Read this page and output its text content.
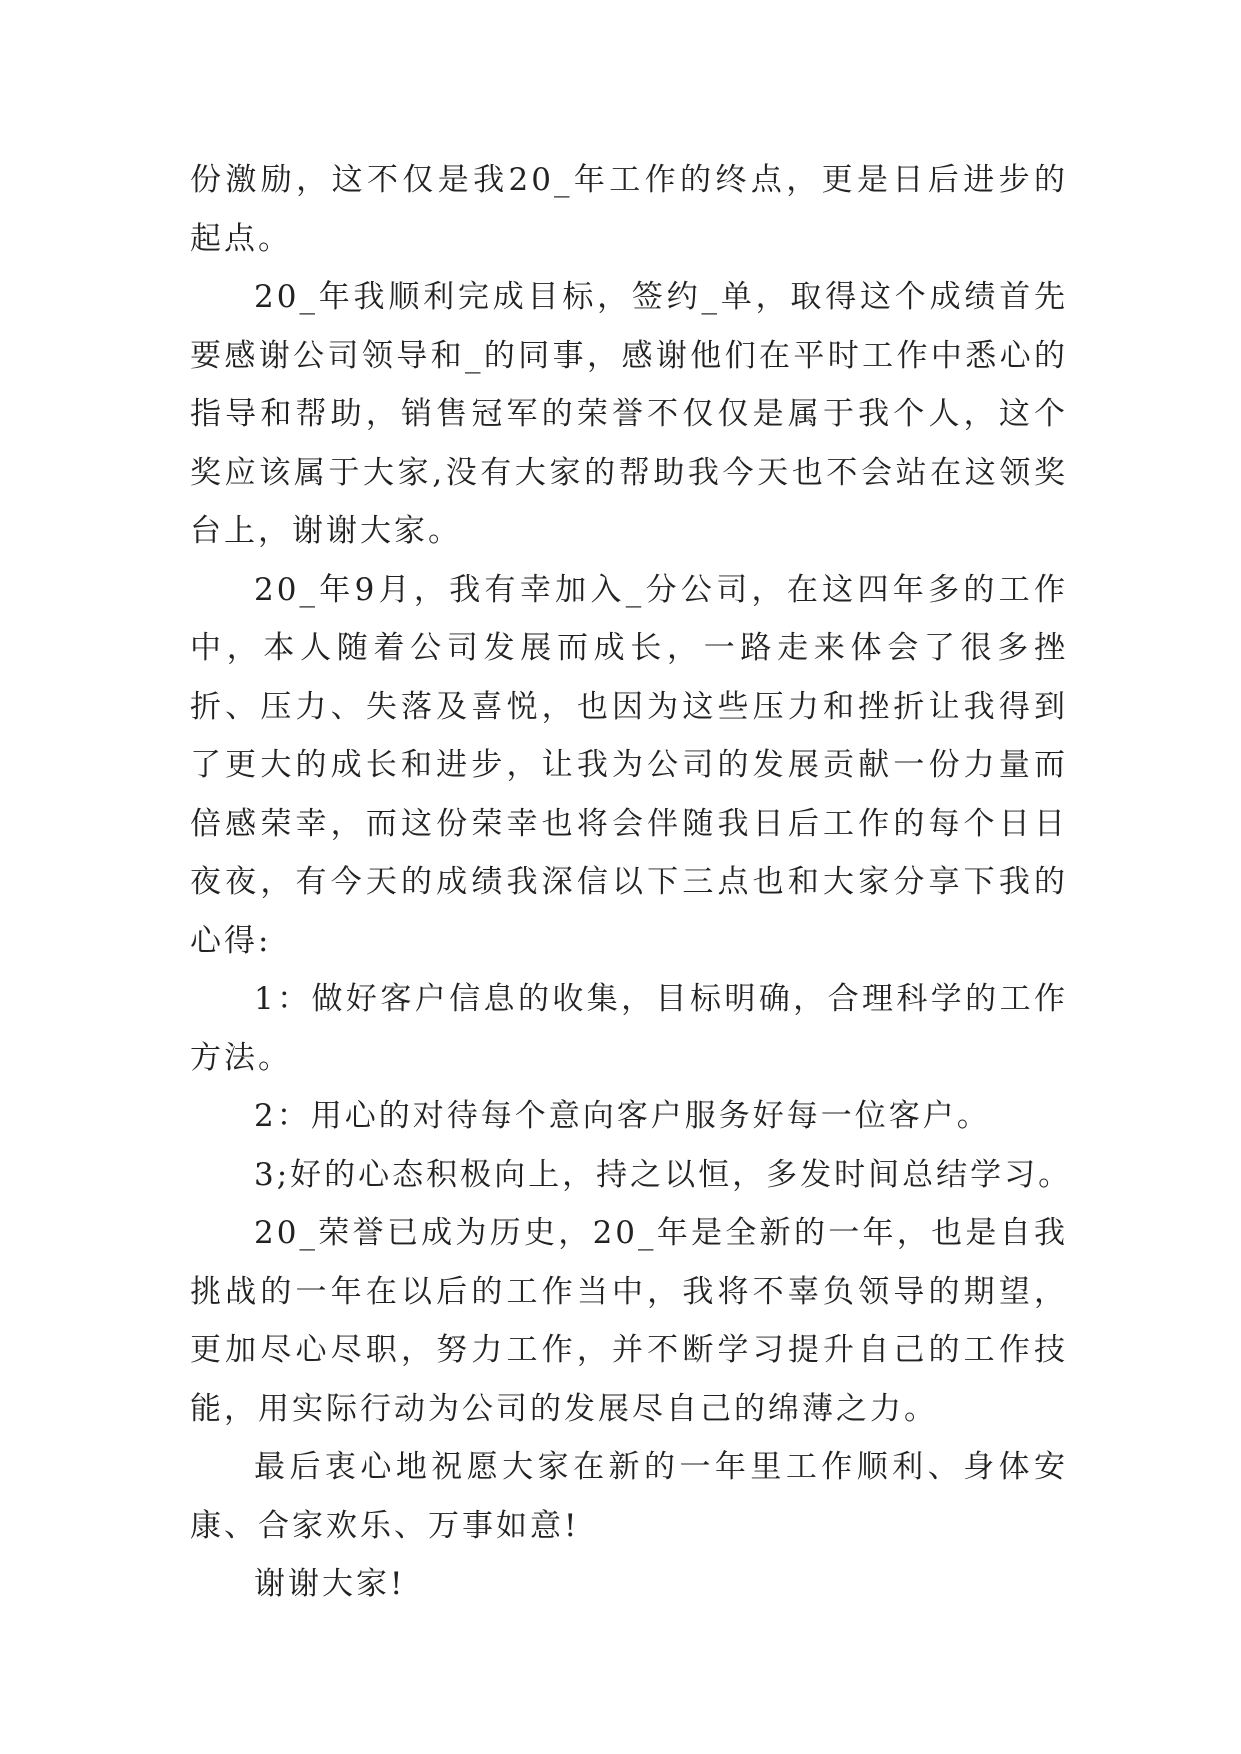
份激励，这不仅是我20_年工作的终点，更是日后进步的起点。

20_年我顺利完成目标，签约_单，取得这个成绩首先要感谢公司领导和_的同事，感谢他们在平时工作中悉心的指导和帮助，销售冠军的荣誉不仅仅是属于我个人，这个奖应该属于大家,没有大家的帮助我今天也不会站在这领奖台上，谢谢大家。

20_年9月，我有幸加入_分公司，在这四年多的工作中，本人随着公司发展而成长，一路走来体会了很多挫折、压力、失落及喜悦，也因为这些压力和挫折让我得到了更大的成长和进步，让我为公司的发展贡献一份力量而倍感荣幸，而这份荣幸也将会伴随我日后工作的每个日日夜夜，有今天的成绩我深信以下三点也和大家分享下我的心得:

1：做好客户信息的收集，目标明确，合理科学的工作方法。

2：用心的对待每个意向客户服务好每一位客户。

3;好的心态积极向上，持之以恒，多发时间总结学习。

20_荣誉已成为历史，20_年是全新的一年，也是自我挑战的一年在以后的工作当中，我将不辜负领导的期望，更加尽心尽职，努力工作，并不断学习提升自己的工作技能，用实际行动为公司的发展尽自己的绵薄之力。

最后衷心地祝愿大家在新的一年里工作顺利、身体安康、合家欢乐、万事如意!

谢谢大家!
